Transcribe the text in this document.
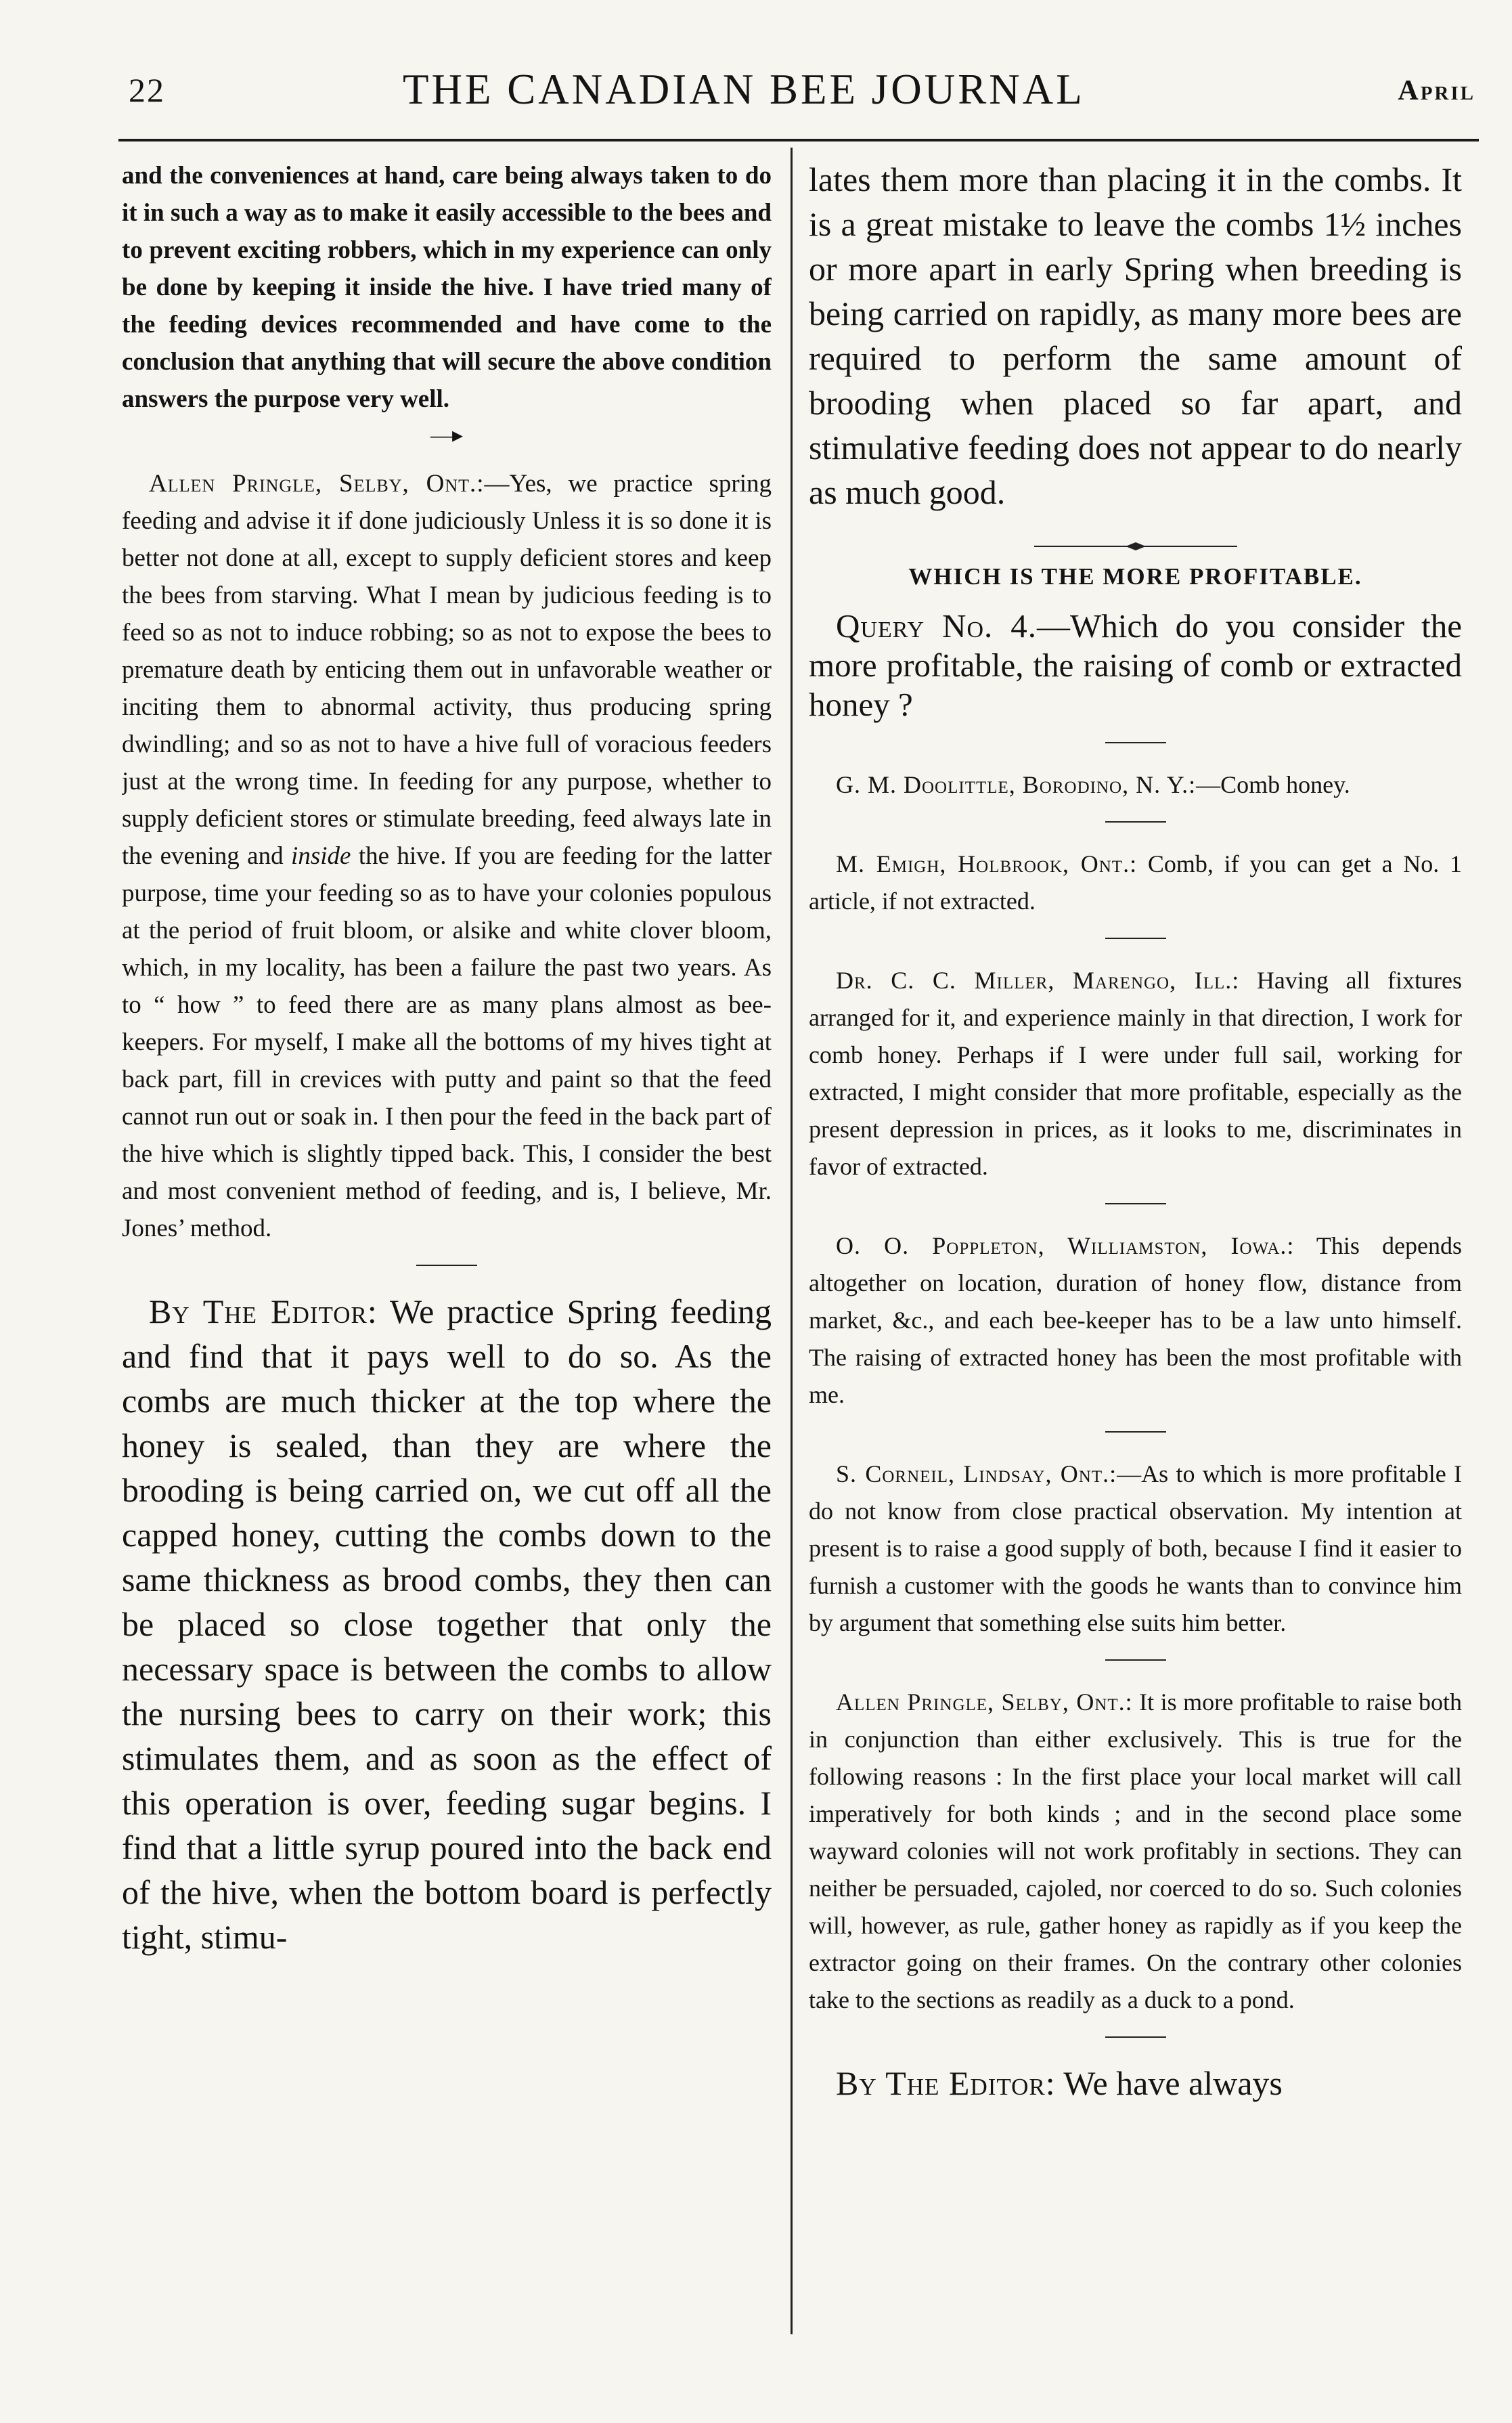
22	THE CANADIAN BEE JOURNAL	April

and the conveniences at hand, care being always taken to do it in such a way as to make it easily accessible to the bees and to prevent exciting robbers, which in my experience can only be done by keeping it inside the hive. I have tried many of the feeding devices recommended and have come to the conclusion that anything that will secure the above condition answers the purpose very well.

—▸

Allen Pringle, Selby, Ont.:—Yes, we practice spring feeding and advise it if done judiciously Unless it is so done it is better not done at all, except to supply deficient stores and keep the bees from starving. What I mean by judicious feeding is to feed so as not to induce robbing; so as not to expose the bees to premature death by enticing them out in unfavorable weather or inciting them to abnormal activity, thus producing spring dwindling; and so as not to have a hive full of voracious feeders just at the wrong time. In feeding for any purpose, whether to supply deficient stores or stimulate breeding, feed always late in the evening and inside the hive. If you are feeding for the latter purpose, time your feeding so as to have your colonies populous at the period of fruit bloom, or alsike and white clover bloom, which, in my locality, has been a failure the past two years. As to “ how ” to feed there are as many plans almost as bee-keepers. For myself, I make all the bottoms of my hives tight at back part, fill in crevices with putty and paint so that the feed cannot run out or soak in. I then pour the feed in the back part of the hive which is slightly tipped back. This, I consider the best and most convenient method of feeding, and is, I believe, Mr. Jones’ method.

By The Editor: We practice Spring feeding and find that it pays well to do so. As the combs are much thicker at the top where the honey is sealed, than they are where the brooding is being carried on, we cut off all the capped honey, cutting the combs down to the same thickness as brood combs, they then can be placed so close together that only the necessary space is between the combs to allow the nursing bees to carry on their work; this stimulates them, and as soon as the effect of this operation is over, feeding sugar begins. I find that a little syrup poured into the back end of the hive, when the bottom board is perfectly tight, stimu-

lates them more than placing it in the combs. It is a great mistake to leave the combs 1½ inches or more apart in early Spring when breeding is being carried on rapidly, as many more bees are required to perform the same amount of brooding when placed so far apart, and stimulative feeding does not appear to do nearly as much good.

WHICH IS THE MORE PROFITABLE.

Query No. 4.—Which do you consider the more profitable, the raising of comb or extracted honey ?

G. M. Doolittle, Borodino, N. Y.:—Comb honey.

M. Emigh, Holbrook, Ont.: Comb, if you can get a No. 1 article, if not extracted.

Dr. C. C. Miller, Marengo, Ill.: Having all fixtures arranged for it, and experience mainly in that direction, I work for comb honey. Perhaps if I were under full sail, working for extracted, I might consider that more profitable, especially as the present depression in prices, as it looks to me, discriminates in favor of extracted.

O. O. Poppleton, Williamston, Iowa.: This depends altogether on location, duration of honey flow, distance from market, &c., and each bee-keeper has to be a law unto himself. The raising of extracted honey has been the most profitable with me.

S. Corneil, Lindsay, Ont.:—As to which is more profitable I do not know from close practical observation. My intention at present is to raise a good supply of both, because I find it easier to furnish a customer with the goods he wants than to convince him by argument that something else suits him better.

Allen Pringle, Selby, Ont.: It is more profitable to raise both in conjunction than either exclusively. This is true for the following reasons : In the first place your local market will call imperatively for both kinds ; and in the second place some wayward colonies will not work profitably in sections. They can neither be persuaded, cajoled, nor coerced to do so. Such colonies will, however, as rule, gather honey as rapidly as if you keep the extractor going on their frames. On the contrary other colonies take to the sections as readily as a duck to a pond.

By The Editor: We have always
